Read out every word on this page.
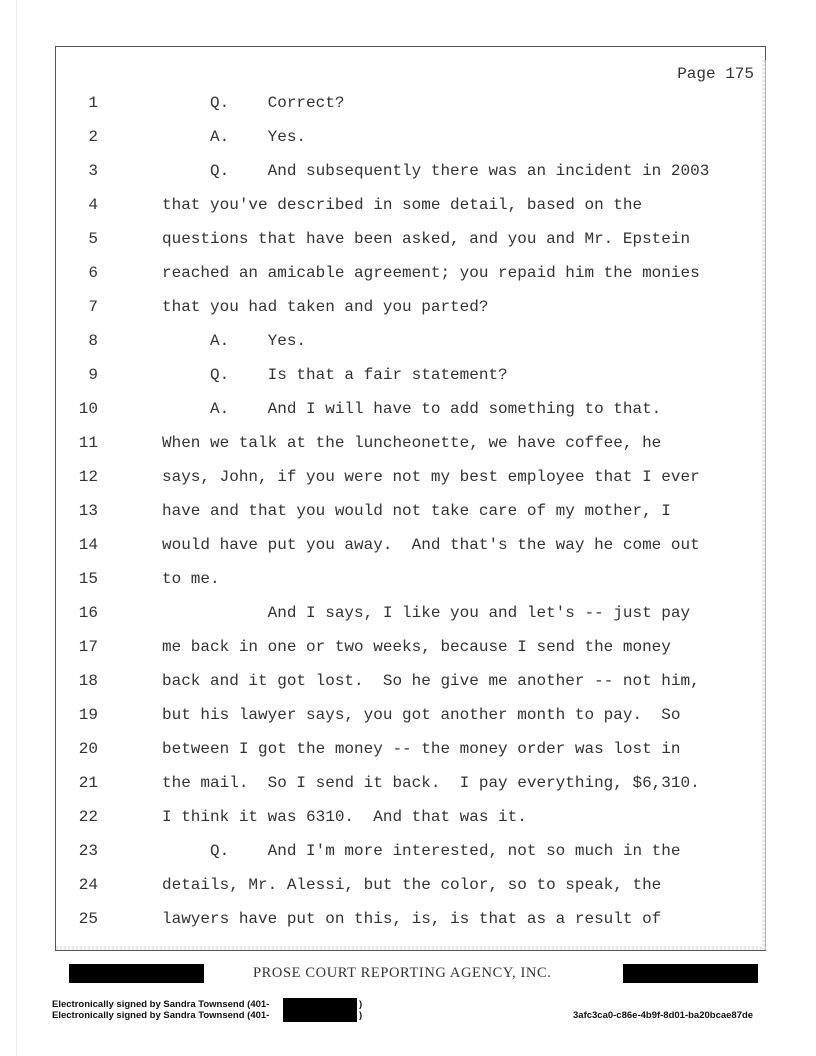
Page 175
1	Q.    Correct?
2	A.    Yes.
3	Q.    And subsequently there was an incident in 2003
4	that you've described in some detail, based on the
5	questions that have been asked, and you and Mr. Epstein
6	reached an amicable agreement; you repaid him the monies
7	that you had taken and you parted?
8	A.    Yes.
9	Q.    Is that a fair statement?
10	A.    And I will have to add something to that.
11	When we talk at the luncheonette, we have coffee, he
12	says, John, if you were not my best employee that I ever
13	have and that you would not take care of my mother, I
14	would have put you away.  And that's the way he come out
15	to me.
16	And I says, I like you and let's -- just pay
17	me back in one or two weeks, because I send the money
18	back and it got lost.  So he give me another -- not him,
19	but his lawyer says, you got another month to pay.  So
20	between I got the money -- the money order was lost in
21	the mail.  So I send it back.  I pay everything, $6,310.
22	I think it was 6310.  And that was it.
23	Q.    And I'm more interested, not so much in the
24	details, Mr. Alessi, but the color, so to speak, the
25	lawyers have put on this, is, is that as a result of
PROSE COURT REPORTING AGENCY, INC.
Electronically signed by Sandra Townsend (401-	)
Electronically signed by Sandra Townsend (401-	)	3afc3ca0-c86e-4b9f-8d01-ba20bcae87de
